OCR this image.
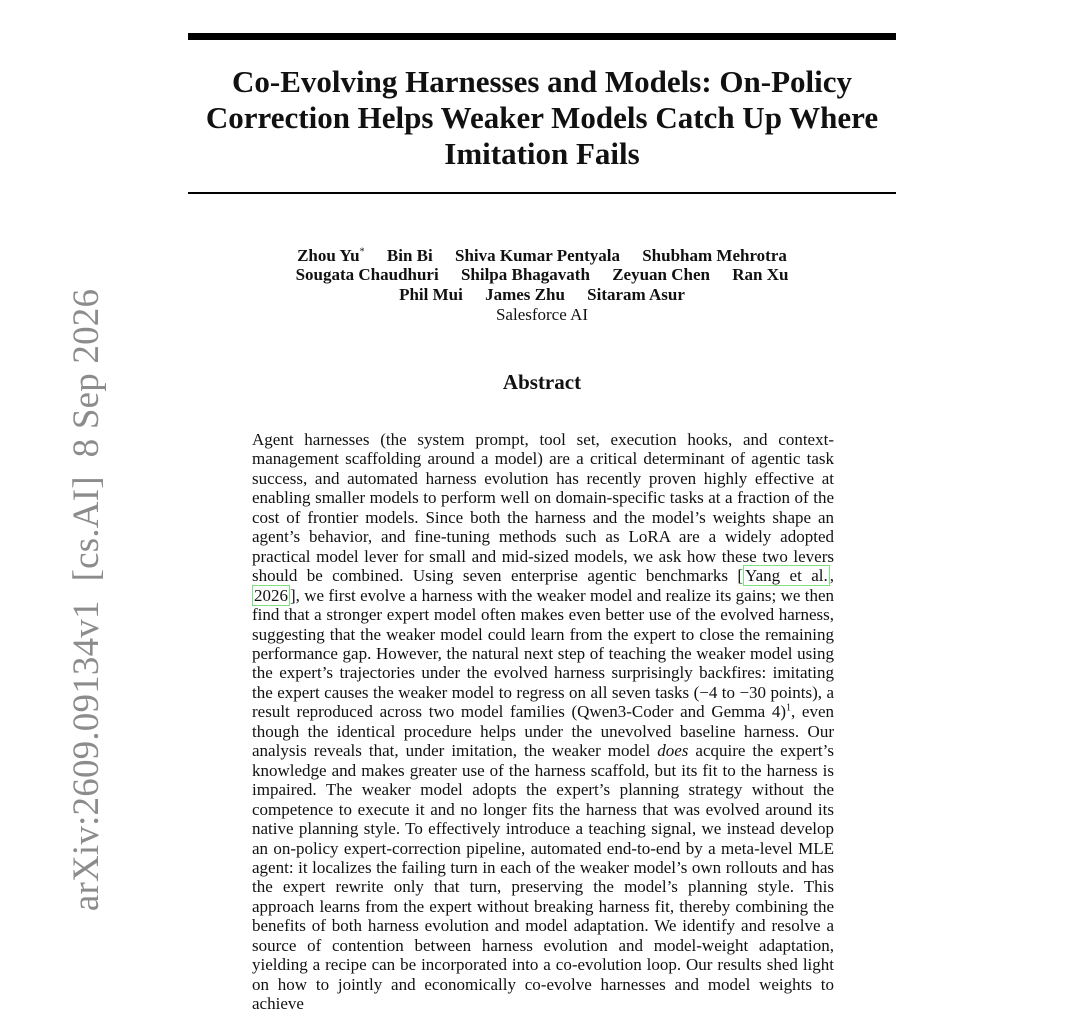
arXiv:2609.09134v1  [cs.AI]  8 Sep 2026
Co-Evolving Harnesses and Models: On-Policy
Correction Helps Weaker Models Catch Up Where
Imitation Fails
Zhou Yu* Bin Bi Shiva Kumar Pentyala Shubham Mehrotra
Sougata Chaudhuri Shilpa Bhagavath Zeyuan Chen Ran Xu
Phil Mui James Zhu Sitaram Asur
Salesforce AI
Abstract

Agent harnesses (the system prompt, tool set, execution hooks, and context-management scaffolding around a model) are a critical determinant of agentic task success, and automated harness evolution has recently proven highly effective at enabling smaller models to perform well on domain-specific tasks at a fraction of the cost of frontier models. Since both the harness and the model’s weights shape an agent’s behavior, and fine-tuning methods such as LoRA are a widely adopted practical model lever for small and mid-sized models, we ask how these two levers should be combined. Using seven enterprise agentic benchmarks [ Yang et al. , 2026 ], we first evolve a harness with the weaker model and realize its gains; we then find that a stronger expert model often makes even better use of the evolved harness, suggesting that the weaker model could learn from the expert to close the remaining performance gap. However, the natural next step of teaching the weaker model using the expert’s trajectories under the evolved harness surprisingly backfires: imitating the expert causes the weaker model to regress on all seven tasks (−4 to −30 points), a result reproduced across two model families (Qwen3-Coder and Gemma 4)$^1$, even though the identical procedure helps under the unevolved baseline harness. Our analysis reveals that, under imitation, the weaker model does acquire the expert’s knowledge and makes greater use of the harness scaffold, but its fit to the harness is impaired. The weaker model adopts the expert’s planning strategy without the competence to execute it and no longer fits the harness that was evolved around its native planning style. To effectively introduce a teaching signal, we instead develop an on-policy expert-correction pipeline, automated end-to-end by a meta-level MLE agent: it localizes the failing turn in each of the weaker model’s own rollouts and has the expert rewrite only that turn, preserving the model’s planning style. This approach learns from the expert without breaking harness fit, thereby combining the benefits of both harness evolution and model adaptation. We identify and resolve a source of contention between harness evolution and model-weight adaptation, yielding a recipe can be incorporated into a co-evolution loop. Our results shed light on how to jointly and economically co-evolve harnesses and model weights to achieve
